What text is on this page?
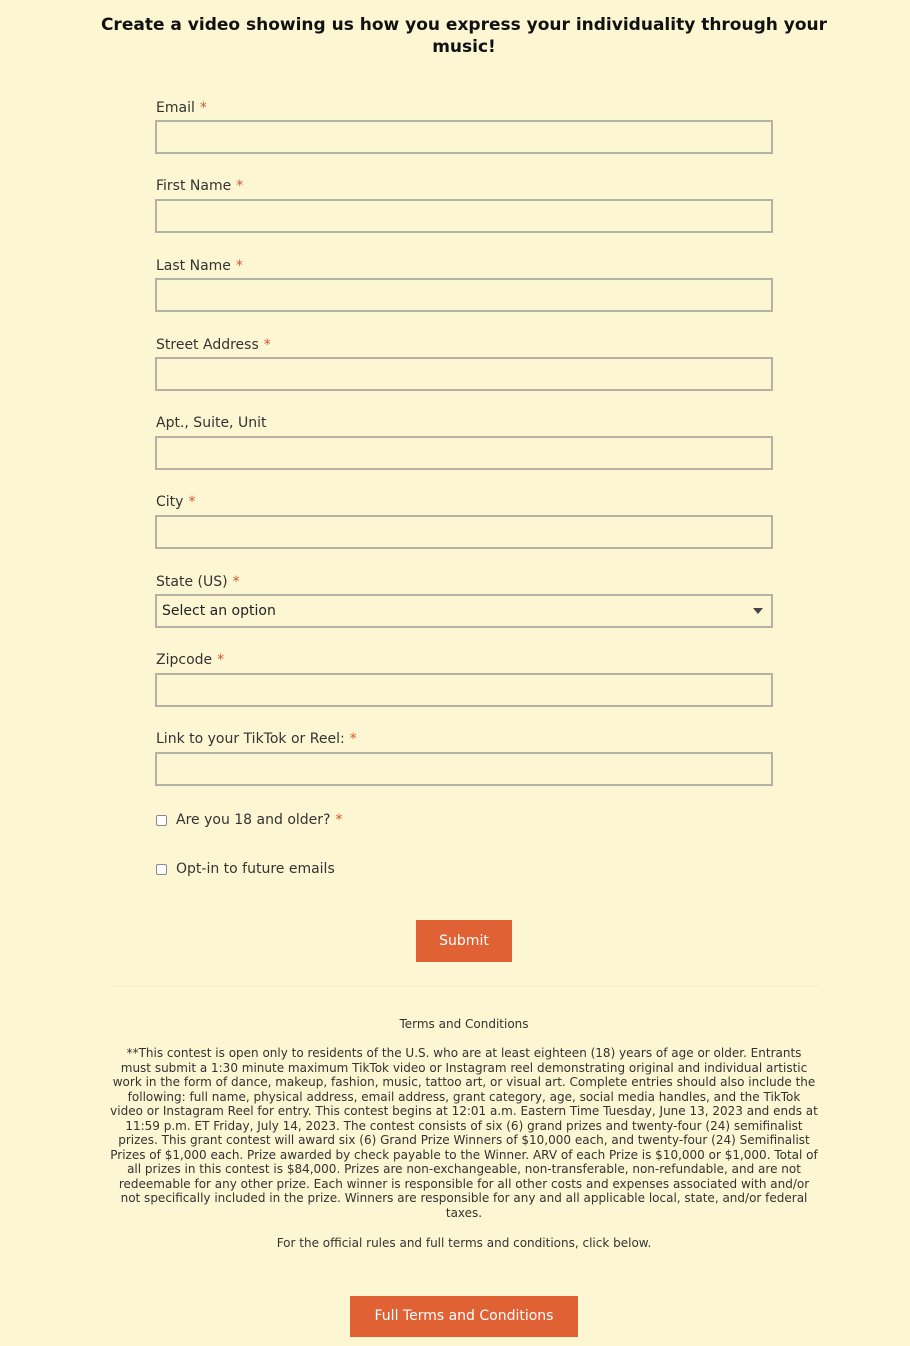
Create a video showing us how you express your individuality through your music!
Email *
First Name *
Last Name *
Street Address *
Apt., Suite, Unit
City *
State (US) *
Select an option
Zipcode *
Link to your TikTok or Reel: *
Are you 18 and older? *
Opt-in to future emails
Submit
Terms and Conditions
**This contest is open only to residents of the U.S. who are at least eighteen (18) years of age or older. Entrants must submit a 1:30 minute maximum TikTok video or Instagram reel demonstrating original and individual artistic work in the form of dance, makeup, fashion, music, tattoo art, or visual art. Complete entries should also include the following: full name, physical address, email address, grant category, age, social media handles, and the TikTok video or Instagram Reel for entry. This contest begins at 12:01 a.m. Eastern Time Tuesday, June 13, 2023 and ends at 11:59 p.m. ET Friday, July 14, 2023. The contest consists of six (6) grand prizes and twenty-four (24) semifinalist prizes. This grant contest will award six (6) Grand Prize Winners of $10,000 each, and twenty-four (24) Semifinalist Prizes of $1,000 each. Prize awarded by check payable to the Winner. ARV of each Prize is $10,000 or $1,000. Total of all prizes in this contest is $84,000. Prizes are non-exchangeable, non-transferable, non-refundable, and are not redeemable for any other prize. Each winner is responsible for all other costs and expenses associated with and/or not specifically included in the prize. Winners are responsible for any and all applicable local, state, and/or federal taxes.
For the official rules and full terms and conditions, click below.
Full Terms and Conditions
